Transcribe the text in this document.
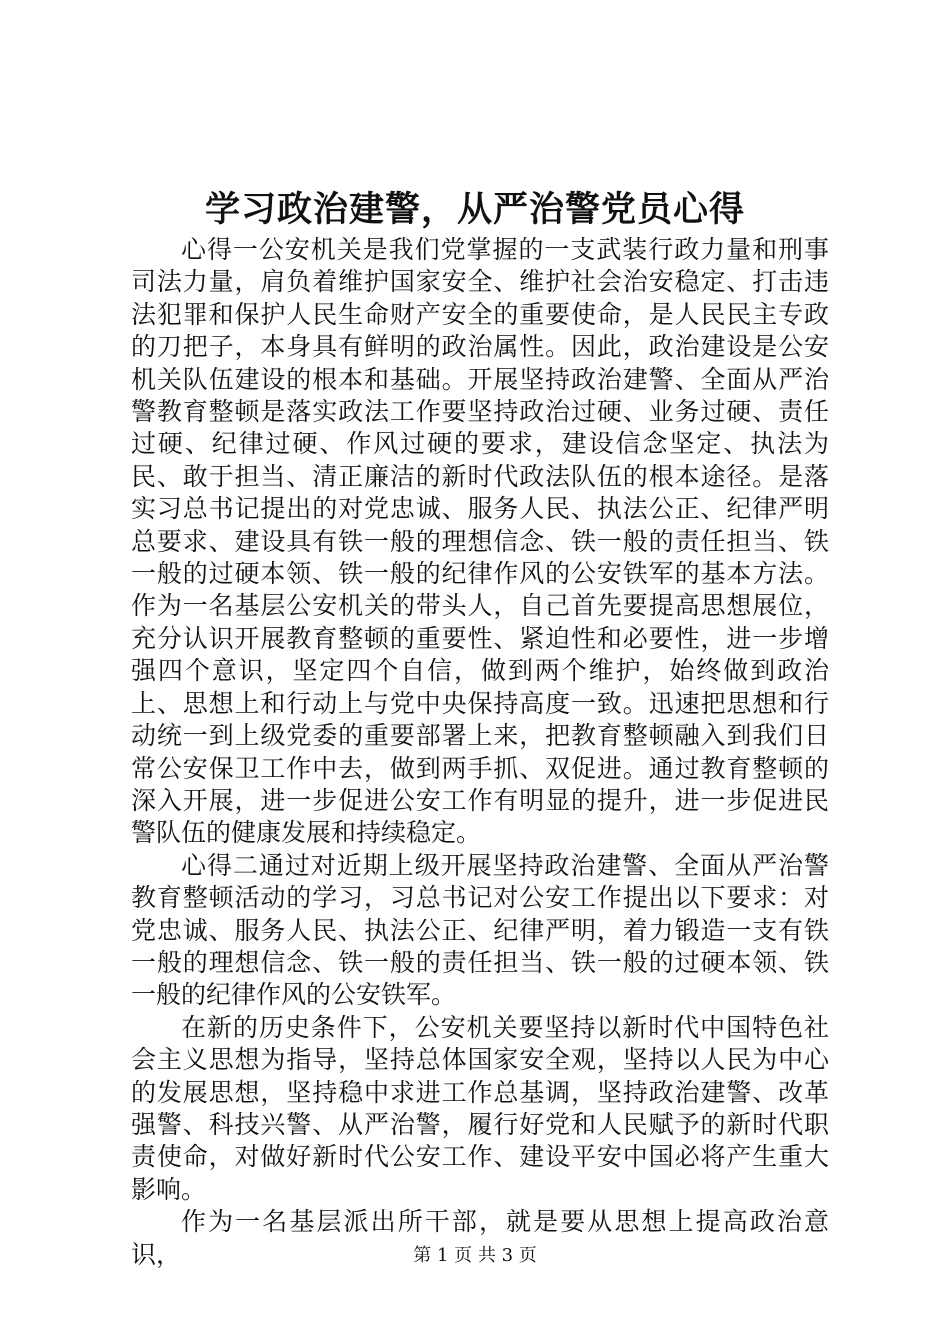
学习政治建警，从严治警党员心得

心得一公安机关是我们党掌握的一支武装行政力量和刑事司法力量，肩负着维护国家安全、维护社会治安稳定、打击违法犯罪和保护人民生命财产安全的重要使命，是人民民主专政的刀把子，本身具有鲜明的政治属性。因此，政治建设是公安机关队伍建设的根本和基础。开展坚持政治建警、全面从严治警教育整顿是落实政法工作要坚持政治过硬、业务过硬、责任过硬、纪律过硬、作风过硬的要求，建设信念坚定、执法为民、敢于担当、清正廉洁的新时代政法队伍的根本途径。是落实习总书记提出的对党忠诚、服务人民、执法公正、纪律严明总要求、建设具有铁一般的理想信念、铁一般的责任担当、铁一般的过硬本领、铁一般的纪律作风的公安铁军的基本方法。作为一名基层公安机关的带头人，自己首先要提高思想展位，充分认识开展教育整顿的重要性、紧迫性和必要性，进一步增强四个意识，坚定四个自信，做到两个维护，始终做到政治上、思想上和行动上与党中央保持高度一致。迅速把思想和行动统一到上级党委的重要部署上来，把教育整顿融入到我们日常公安保卫工作中去，做到两手抓、双促进。通过教育整顿的深入开展，进一步促进公安工作有明显的提升，进一步促进民警队伍的健康发展和持续稳定。

心得二通过对近期上级开展坚持政治建警、全面从严治警教育整顿活动的学习，习总书记对公安工作提出以下要求：对党忠诚、服务人民、执法公正、纪律严明，着力锻造一支有铁一般的理想信念、铁一般的责任担当、铁一般的过硬本领、铁一般的纪律作风的公安铁军。

在新的历史条件下，公安机关要坚持以新时代中国特色社会主义思想为指导，坚持总体国家安全观，坚持以人民为中心的发展思想，坚持稳中求进工作总基调，坚持政治建警、改革强警、科技兴警、从严治警，履行好党和人民赋予的新时代职责使命，对做好新时代公安工作、建设平安中国必将产生重大影响。

作为一名基层派出所干部，就是要从思想上提高政治意识，	第 1 页 共 3 页
